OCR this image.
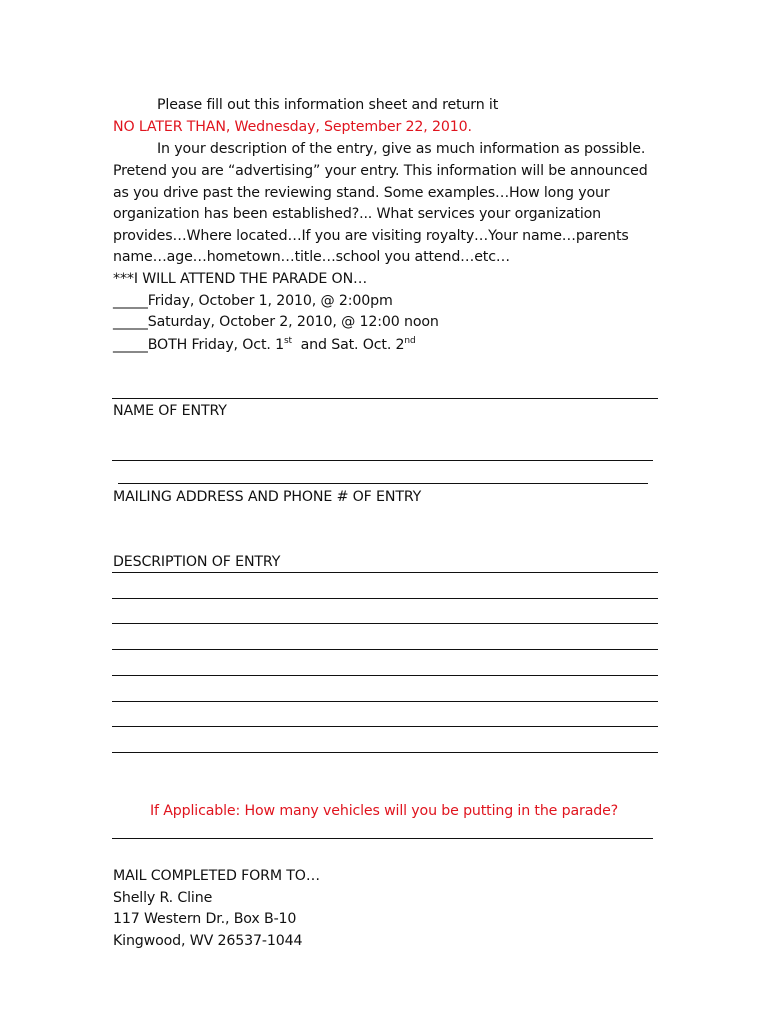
Please fill out this information sheet and return it
NO LATER THAN, Wednesday, September 22, 2010.
In your description of the entry, give as much information as possible.
Pretend you are “advertising” your entry. This information will be announced
as you drive past the reviewing stand. Some examples…How long your
organization has been established?... What services your organization
provides…Where located…If you are visiting royalty…Your name…parents
name…age…hometown…title…school you attend…etc…
***I WILL ATTEND THE PARADE ON…
_____Friday, October 1, 2010, @ 2:00pm
_____Saturday, October 2, 2010, @ 12:00 noon
_____BOTH Friday, Oct. 1st  and Sat. Oct. 2nd
NAME OF ENTRY
MAILING ADDRESS AND PHONE # OF ENTRY
DESCRIPTION OF ENTRY
If Applicable: How many vehicles will you be putting in the parade?
MAIL COMPLETED FORM TO…
Shelly R. Cline
117 Western Dr., Box B-10
Kingwood, WV 26537-1044
